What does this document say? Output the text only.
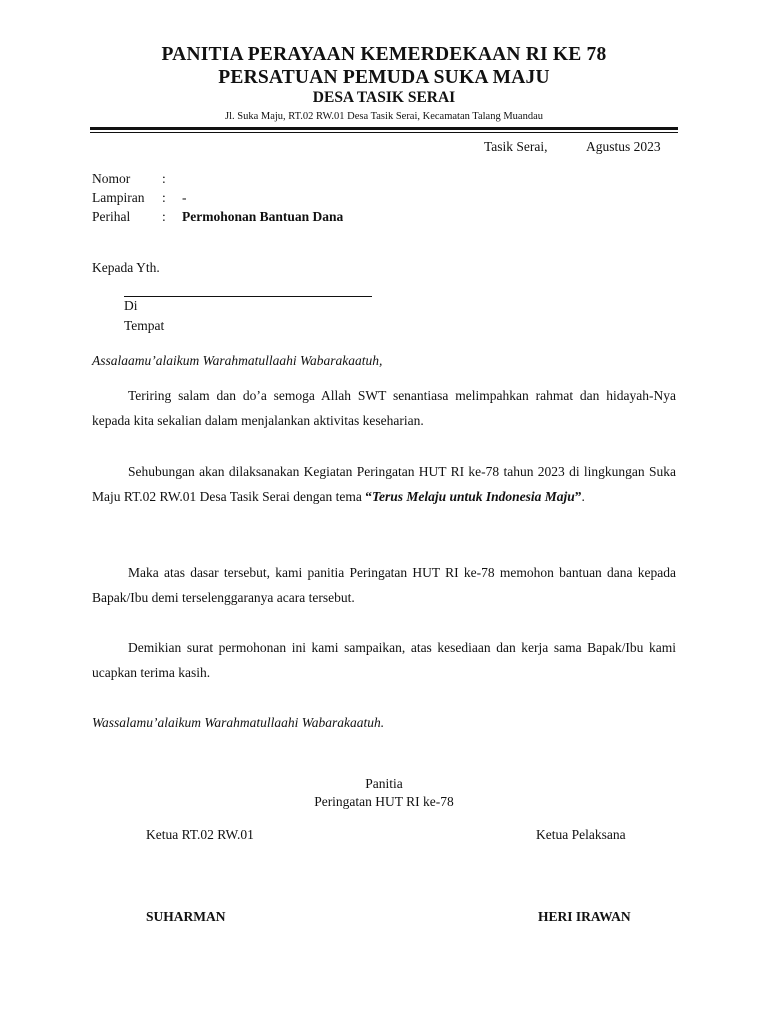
PANITIA PERAYAAN KEMERDEKAAN RI KE 78
PERSATUAN PEMUDA SUKA MAJU
DESA TASIK SERAI
Jl. Suka Maju, RT.02 RW.01 Desa Tasik Serai, Kecamatan Talang Muandau
Tasik Serai,	Agustus 2023
Nomor :
Lampiran : -
Perihal : Permohonan Bantuan Dana
Kepada Yth.
Di
Tempat
Assalaamu’alaikum Warahmatullaahi Wabarakaatuh,
Teriring salam dan do’a semoga Allah SWT senantiasa melimpahkan rahmat dan hidayah-Nya kepada kita sekalian dalam menjalankan aktivitas keseharian.
Sehubungan akan dilaksanakan Kegiatan Peringatan HUT RI ke-78 tahun 2023 di lingkungan Suka Maju RT.02 RW.01 Desa Tasik Serai dengan tema “Terus Melaju untuk Indonesia Maju”.
Maka atas dasar tersebut, kami panitia Peringatan HUT RI ke-78 memohon bantuan dana kepada Bapak/Ibu demi terselenggaranya acara tersebut.
Demikian surat permohonan ini kami sampaikan, atas kesediaan dan kerja sama Bapak/Ibu kami ucapkan terima kasih.
Wassalamu’alaikum Warahmatullaahi Wabarakaatuh.
Panitia
Peringatan HUT RI ke-78
Ketua RT.02 RW.01	Ketua Pelaksana
SUHARMAN	HERI IRAWAN
